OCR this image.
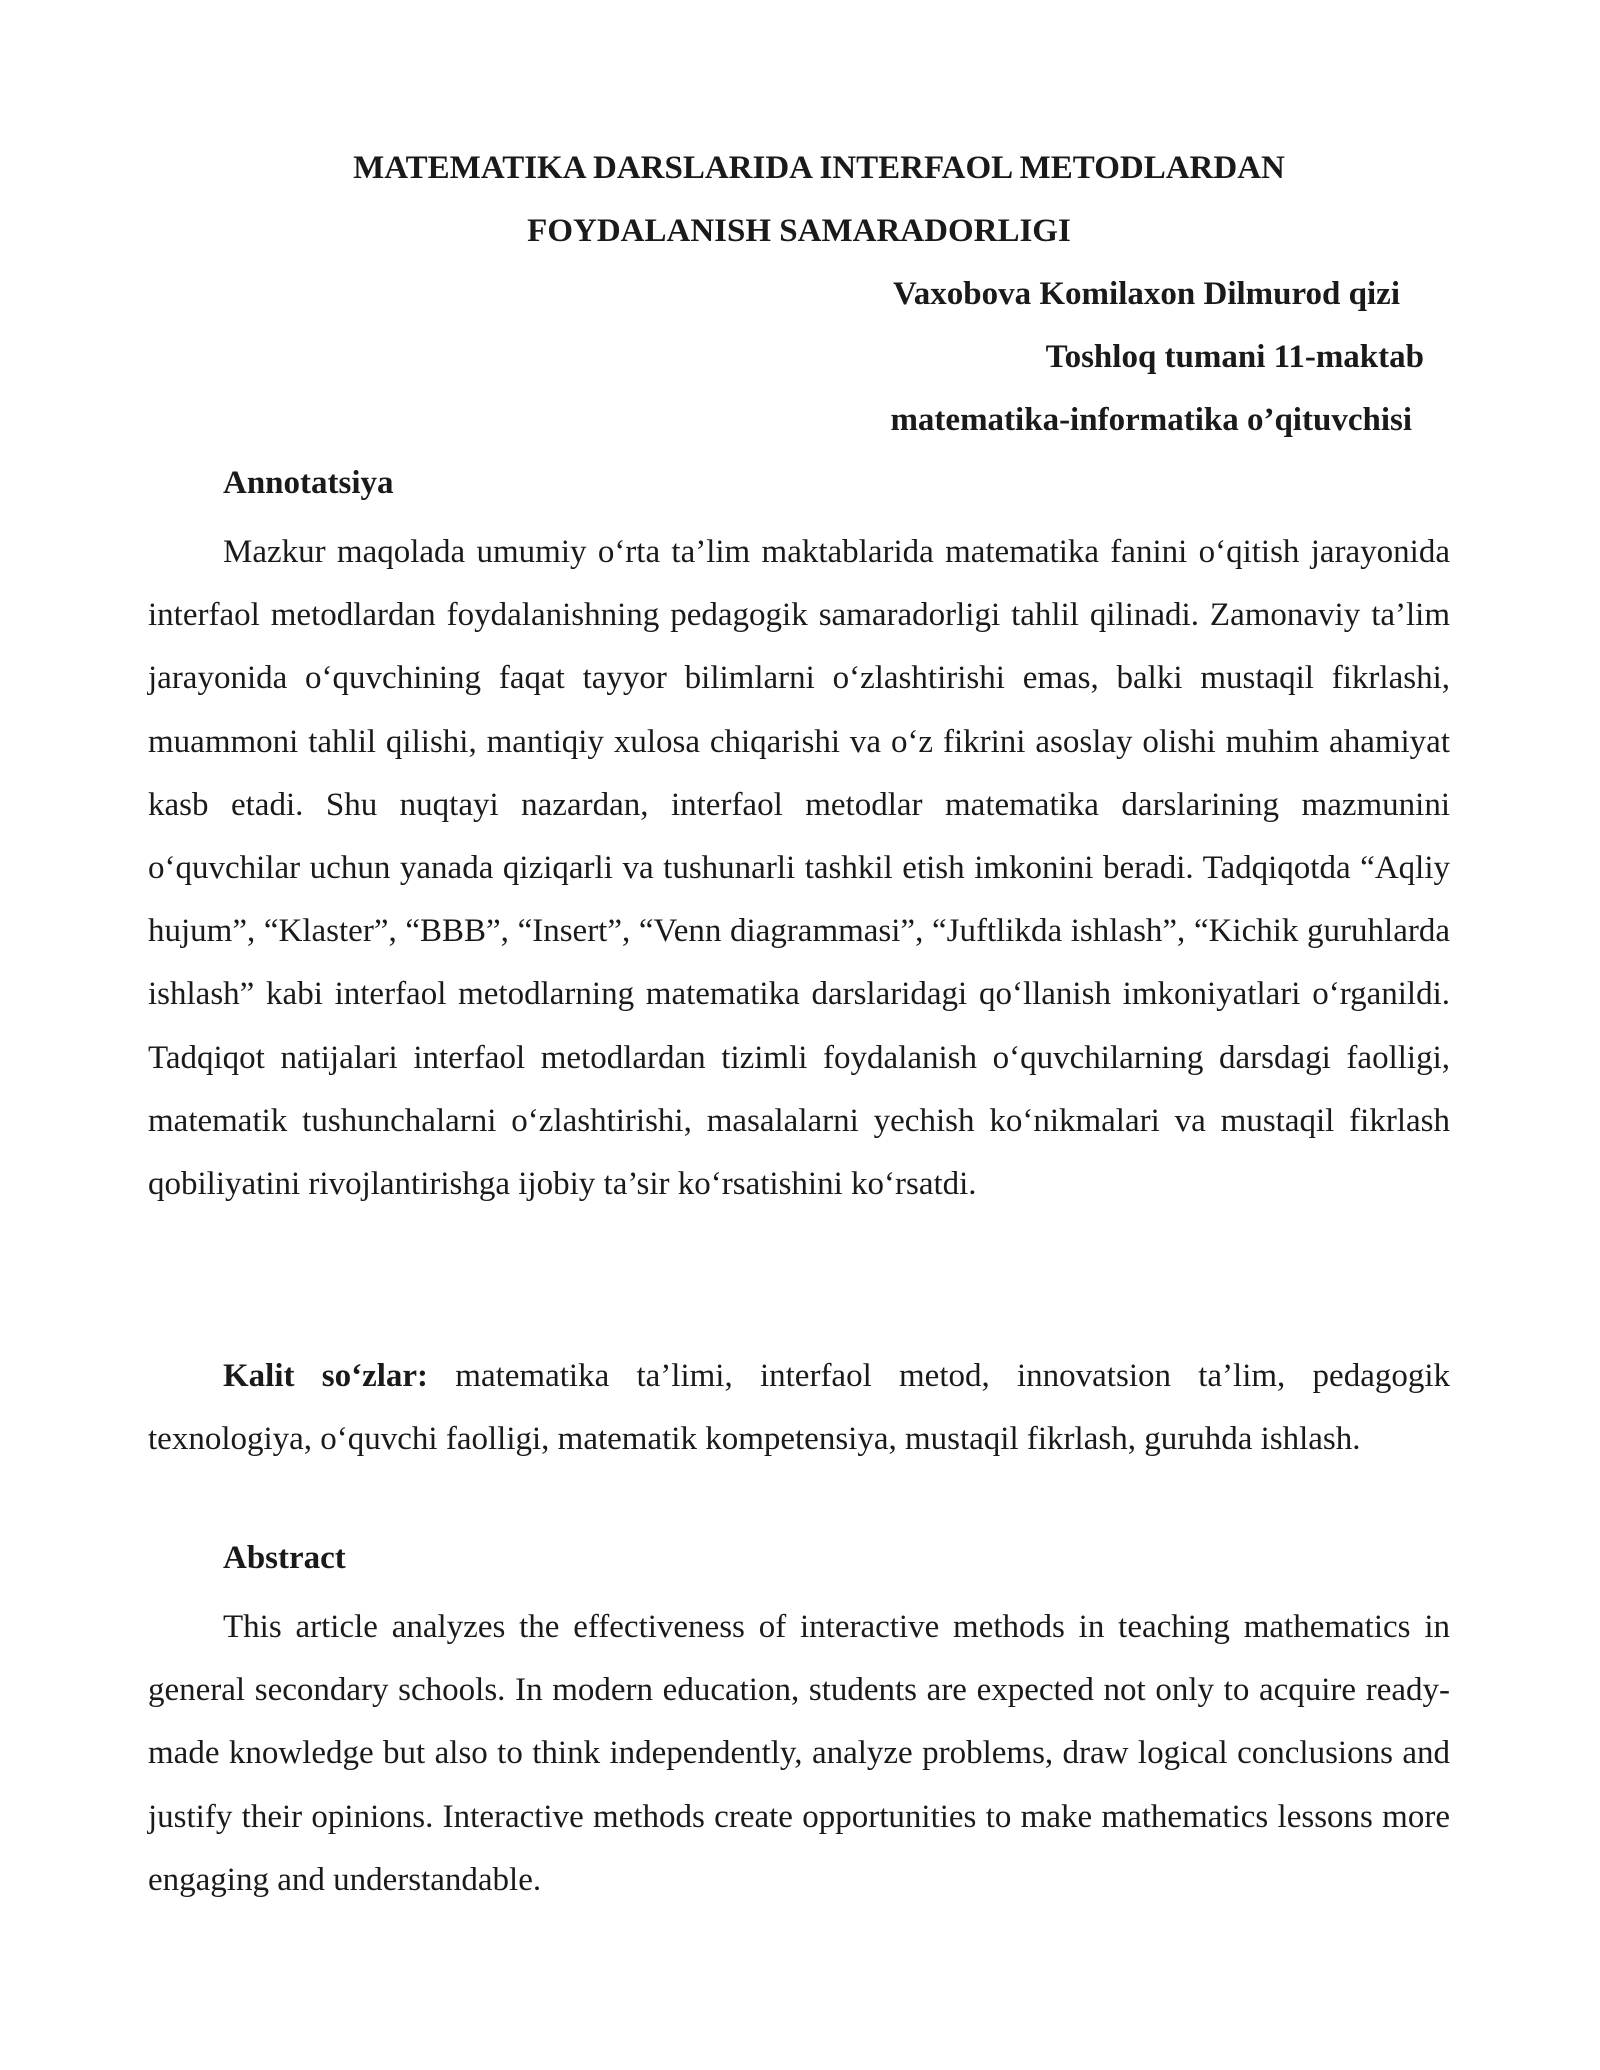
MATEMATIKA DARSLARIDA INTERFAOL METODLARDAN
FOYDALANISH SAMARADORLIGI
Vaxobova Komilaxon Dilmurod qizi
Toshloq tumani 11-maktab
matematika-informatika o’qituvchisi
Annotatsiya
Mazkur maqolada umumiy o‘rta ta’lim maktablarida matematika fanini o‘qitish jarayonida interfaol metodlardan foydalanishning pedagogik samaradorligi tahlil qilinadi. Zamonaviy ta’lim jarayonida o‘quvchining faqat tayyor bilimlarni o‘zlashtirishi emas, balki mustaqil fikrlashi, muammoni tahlil qilishi, mantiqiy xulosa chiqarishi va o‘z fikrini asoslay olishi muhim ahamiyat kasb etadi. Shu nuqtayi nazardan, interfaol metodlar matematika darslarining mazmunini o‘quvchilar uchun yanada qiziqarli va tushunarli tashkil etish imkonini beradi. Tadqiqotda “Aqliy hujum”, “Klaster”, “BBB”, “Insert”, “Venn diagrammasi”, “Juftlikda ishlash”, “Kichik guruhlarda ishlash” kabi interfaol metodlarning matematika darslaridagi qo‘llanish imkoniyatlari o‘rganildi. Tadqiqot natijalari interfaol metodlardan tizimli foydalanish o‘quvchilarning darsdagi faolligi, matematik tushunchalarni o‘zlashtirishi, masalalarni yechish ko‘nikmalari va mustaqil fikrlash qobiliyatini rivojlantirishga ijobiy ta’sir ko‘rsatishini ko‘rsatdi.
Kalit so‘zlar: matematika ta’limi, interfaol metod, innovatsion ta’lim, pedagogik texnologiya, o‘quvchi faolligi, matematik kompetensiya, mustaqil fikrlash, guruhda ishlash.
Abstract
This article analyzes the effectiveness of interactive methods in teaching mathematics in general secondary schools. In modern education, students are expected not only to acquire ready-made knowledge but also to think independently, analyze problems, draw logical conclusions and justify their opinions. Interactive methods create opportunities to make mathematics lessons more engaging and understandable.
